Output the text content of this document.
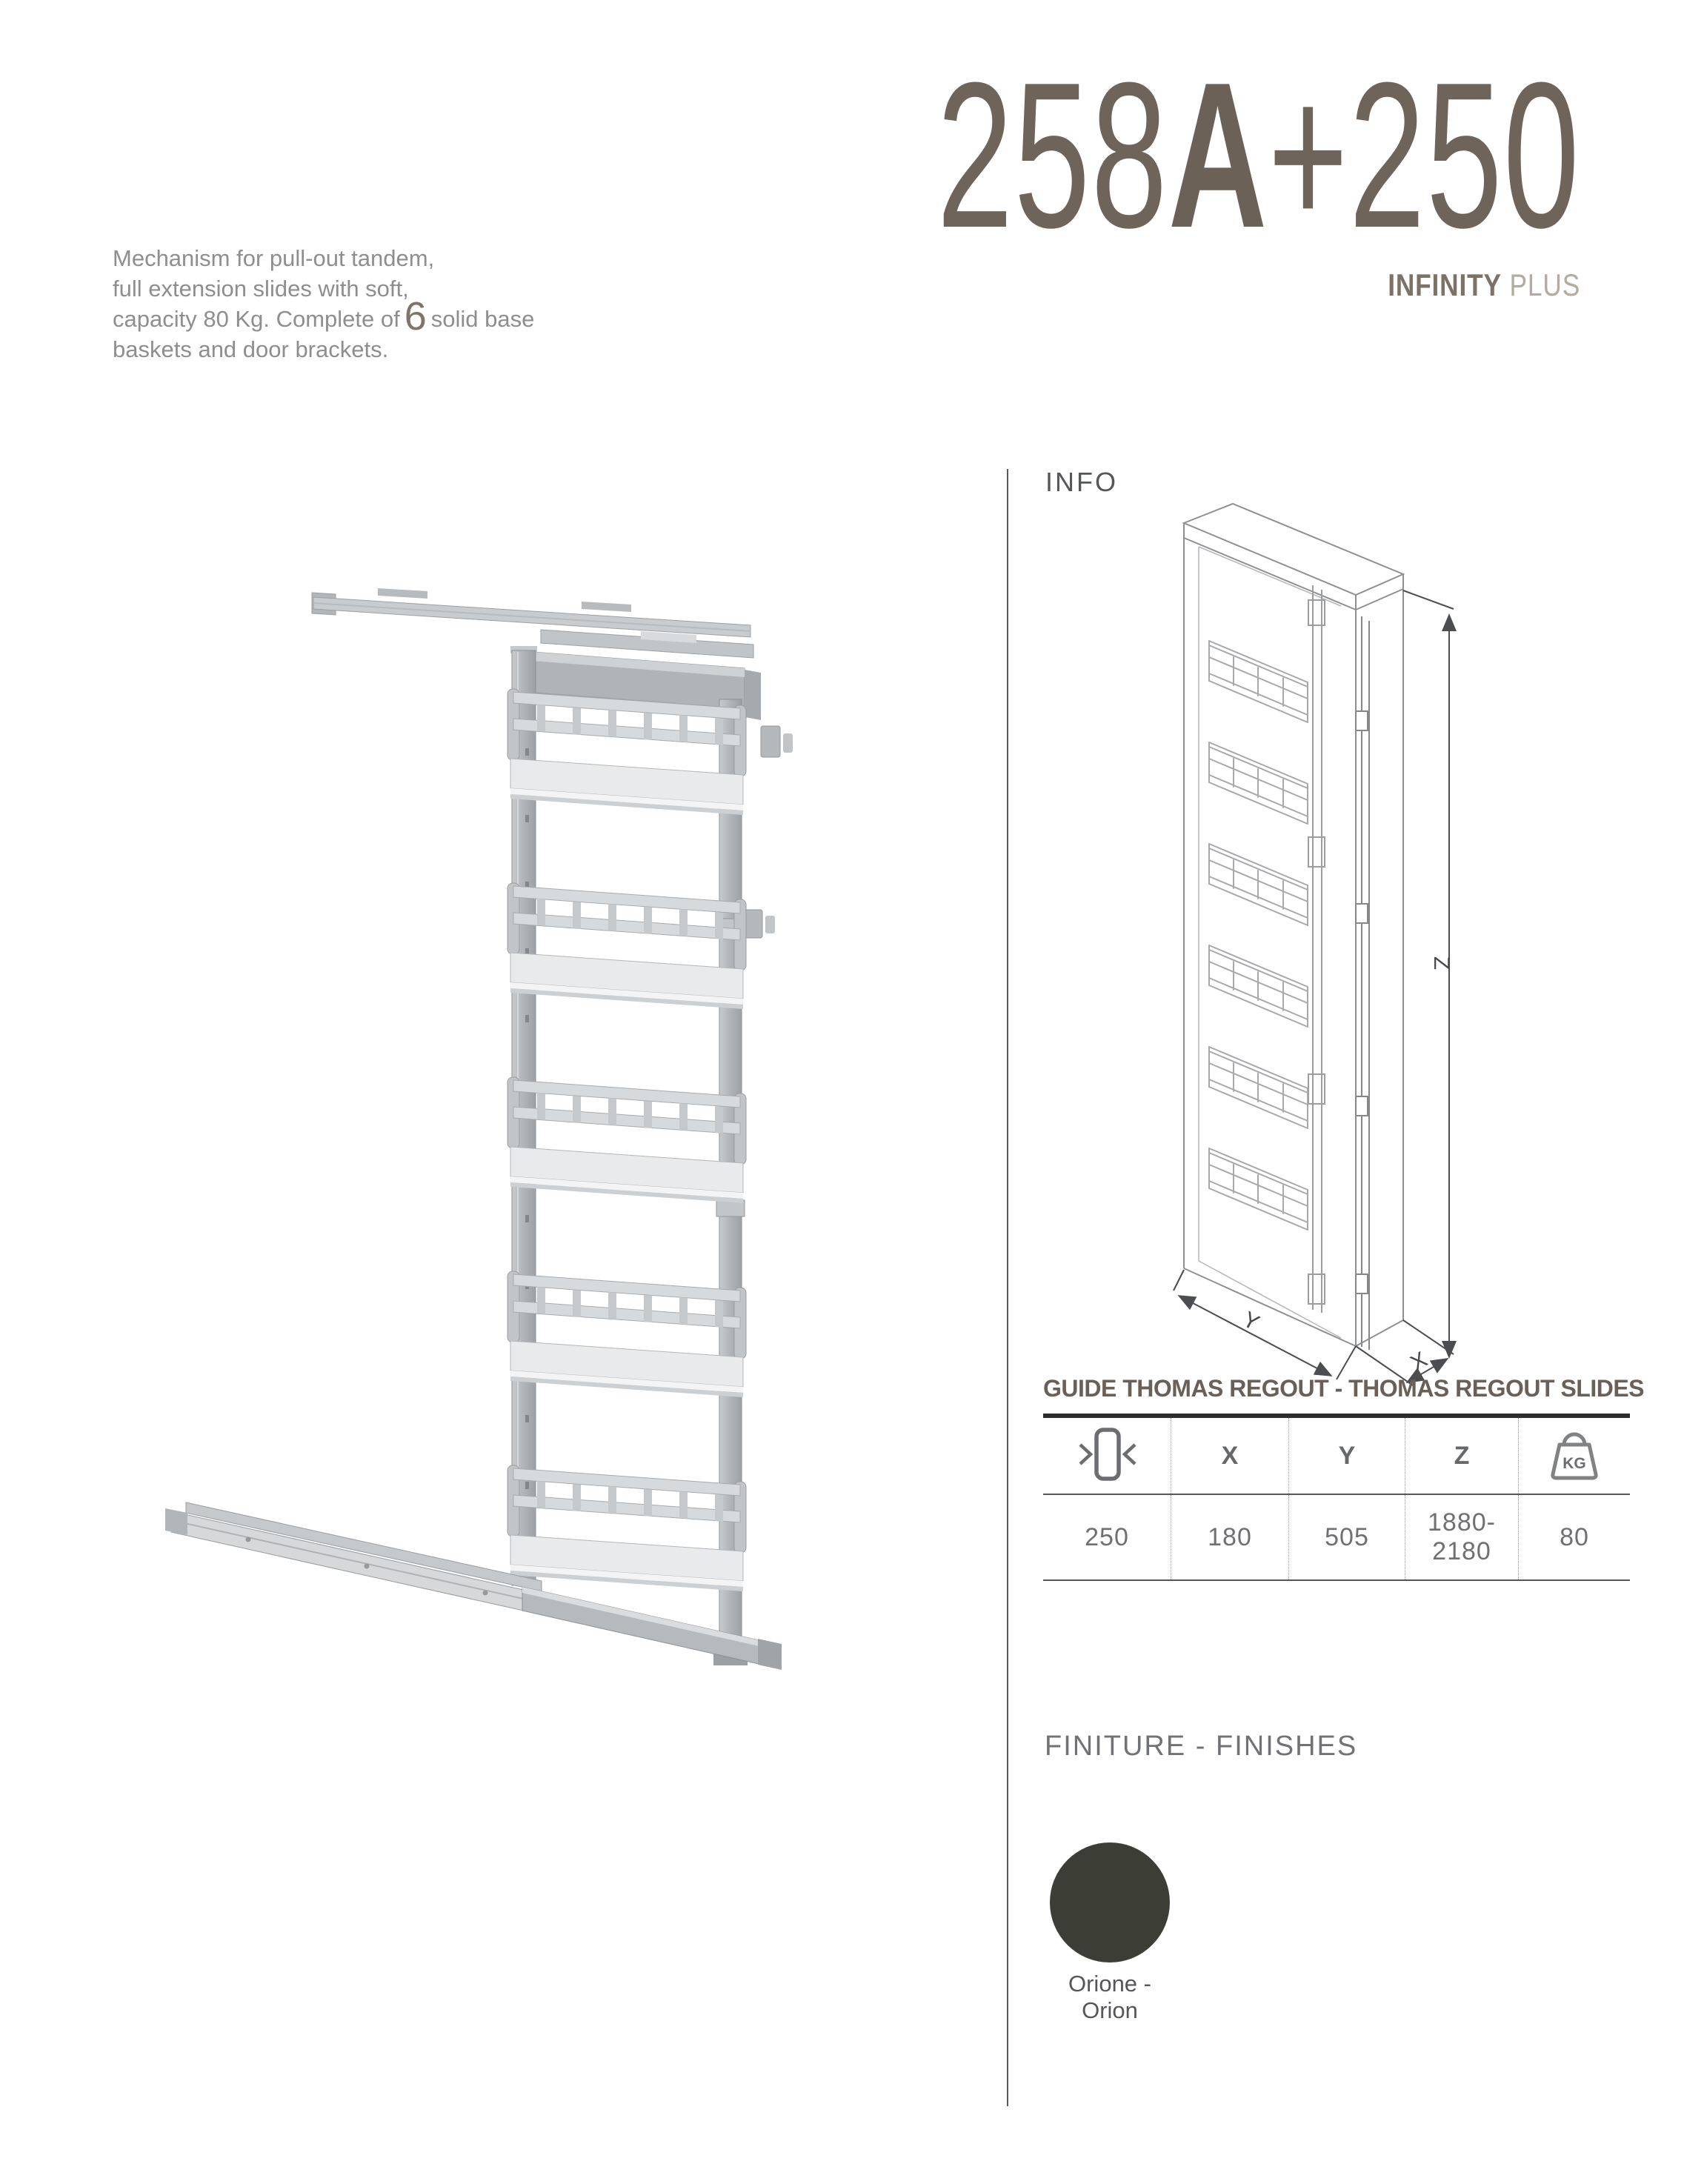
258A+250
INFINITY PLUS
Mechanism for pull-out tandem,
full extension slides with soft,
capacity 80 Kg. Complete of 6 solid base
baskets and door brackets.
INFO
Z
Y
X
GUIDE THOMAS REGOUT - THOMAS REGOUT SLIDES
	X	Y	Z	KG

250	180	505	1880-2180	80
FINITURE - FINISHES
Orione - Orion
